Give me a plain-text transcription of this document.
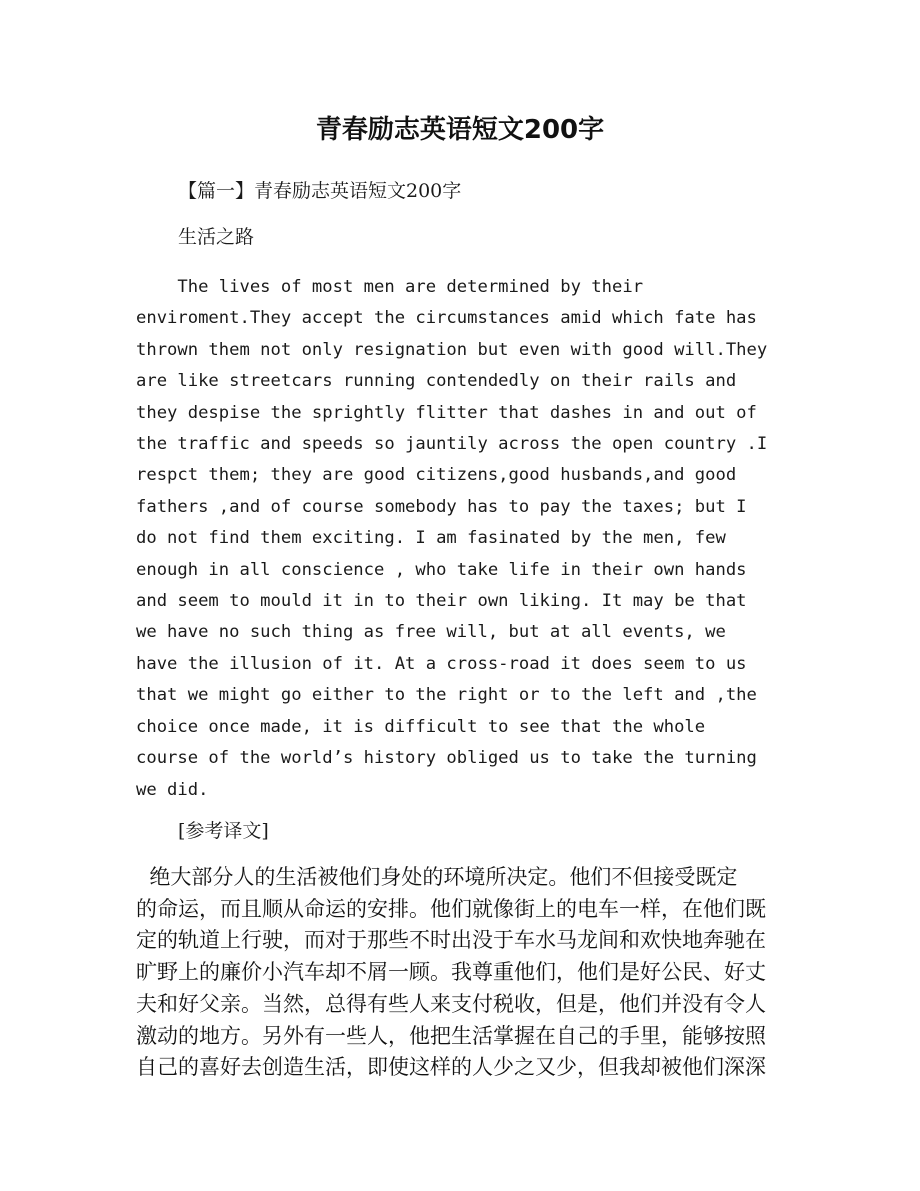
青春励志英语短文200字
【篇一】青春励志英语短文200字
生活之路

The lives of most men are determined by their
enviroment.They accept the circumstances amid which fate has
thrown them not only resignation but even with good will.They
are like streetcars running contendedly on their rails and
they despise the sprightly flitter that dashes in and out of
the traffic and speeds so jauntily across the open country .I
respct them; they are good citizens,good husbands,and good
fathers ,and of course somebody has to pay the taxes; but I
do not find them exciting. I am fasinated by the men, few
enough in all conscience , who take life in their own hands
and seem to mould it in to their own liking. It may be that
we have no such thing as free will, but at all events, we
have the illusion of it. At a cross-road it does seem to us
that we might go either to the right or to the left and ,the
choice once made, it is difficult to see that the whole
course of the world’s history obliged us to take the turning
we did.

[参考译文]

绝大部分人的生活被他们身处的环境所决定。他们不但接受既定
的命运，而且顺从命运的安排。他们就像街上的电车一样，在他们既
定的轨道上行驶，而对于那些不时出没于车水马龙间和欢快地奔驰在
旷野上的廉价小汽车却不屑一顾。我尊重他们，他们是好公民、好丈
夫和好父亲。当然，总得有些人来支付税收，但是，他们并没有令人
激动的地方。另外有一些人，他把生活掌握在自己的手里，能够按照
自己的喜好去创造生活，即使这样的人少之又少，但我却被他们深深
